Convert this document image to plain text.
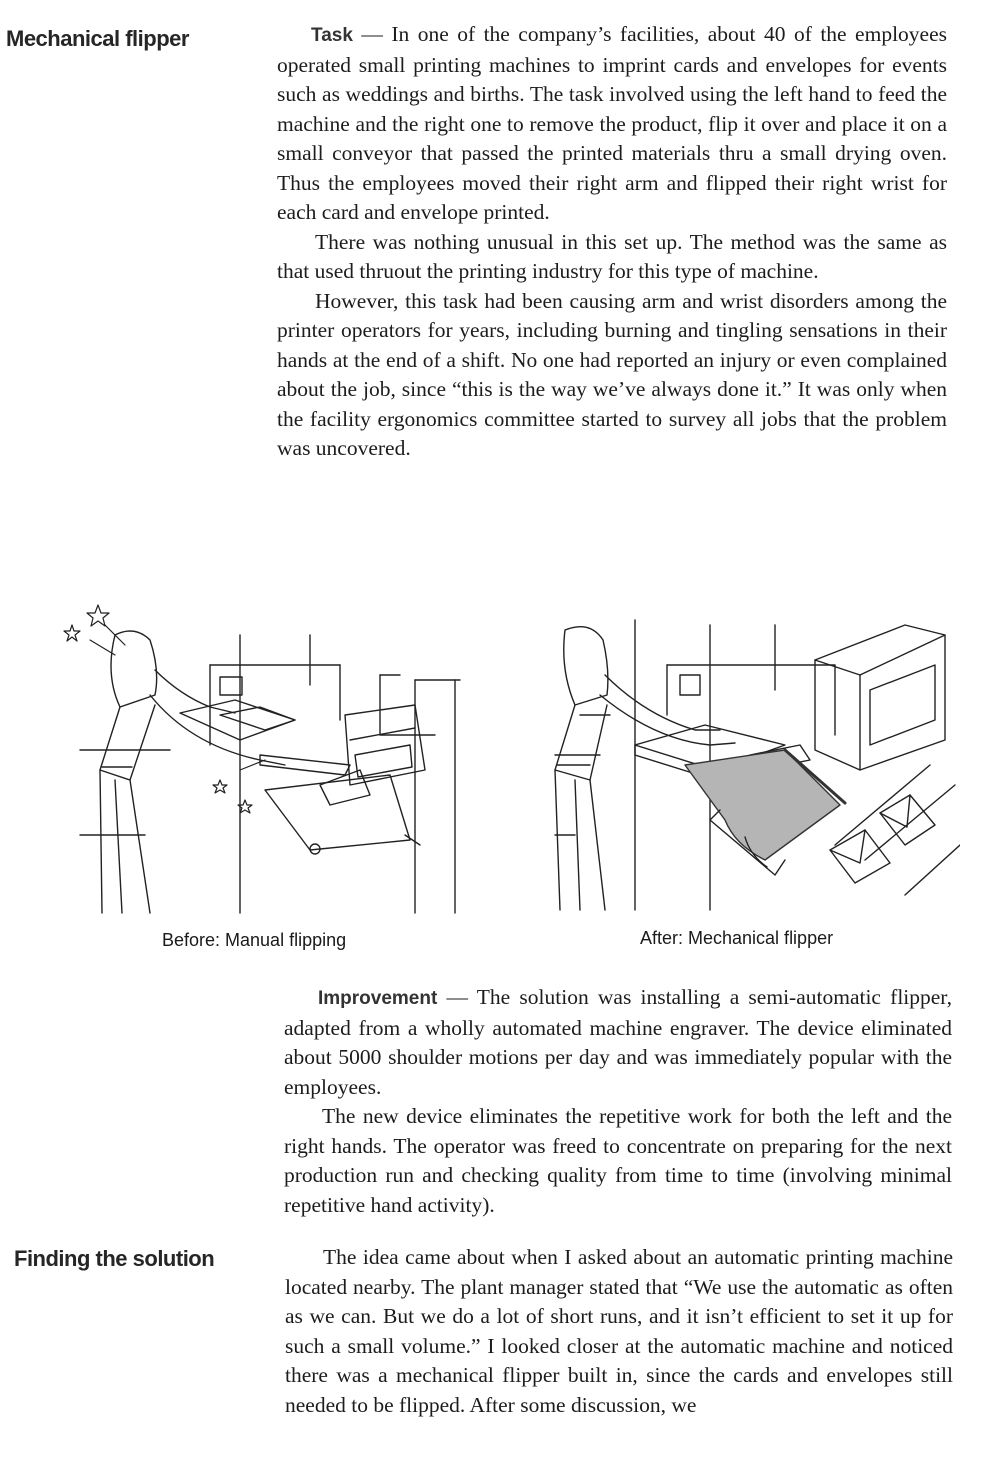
Mechanical flipper
Finding the solution

Task — In one of the company’s facilities, about 40 of the employees operated small printing machines to imprint cards and envelopes for events such as weddings and births. The task involved using the left hand to feed the machine and the right one to remove the product, flip it over and place it on a small conveyor that passed the printed materials thru a small drying oven. Thus the employees moved their right arm and flipped their right wrist for each card and envelope printed.

There was nothing unusual in this set up. The method was the same as that used thruout the printing industry for this type of machine.

However, this task had been causing arm and wrist disorders among the printer operators for years, including burning and tingling sensations in their hands at the end of a shift. No one had reported an injury or even complained about the job, since “this is the way we’ve always done it.” It was only when the facility ergonomics committee started to survey all jobs that the problem was uncovered.

Before: Manual flipping	After: Mechanical flipper

Improvement — The solution was installing a semi-automatic flipper, adapted from a wholly automated machine engraver. The device eliminated about 5000 shoulder motions per day and was immediately popular with the employees.

The new device eliminates the repetitive work for both the left and the right hands. The operator was freed to concentrate on preparing for the next production run and checking quality from time to time (involving minimal repetitive hand activity).

The idea came about when I asked about an automatic printing machine located nearby. The plant manager stated that “We use the automatic as often as we can. But we do a lot of short runs, and it isn’t efficient to set it up for such a small volume.” I looked closer at the automatic machine and noticed there was a mechanical flipper built in, since the cards and envelopes still needed to be flipped. After some discussion, we
